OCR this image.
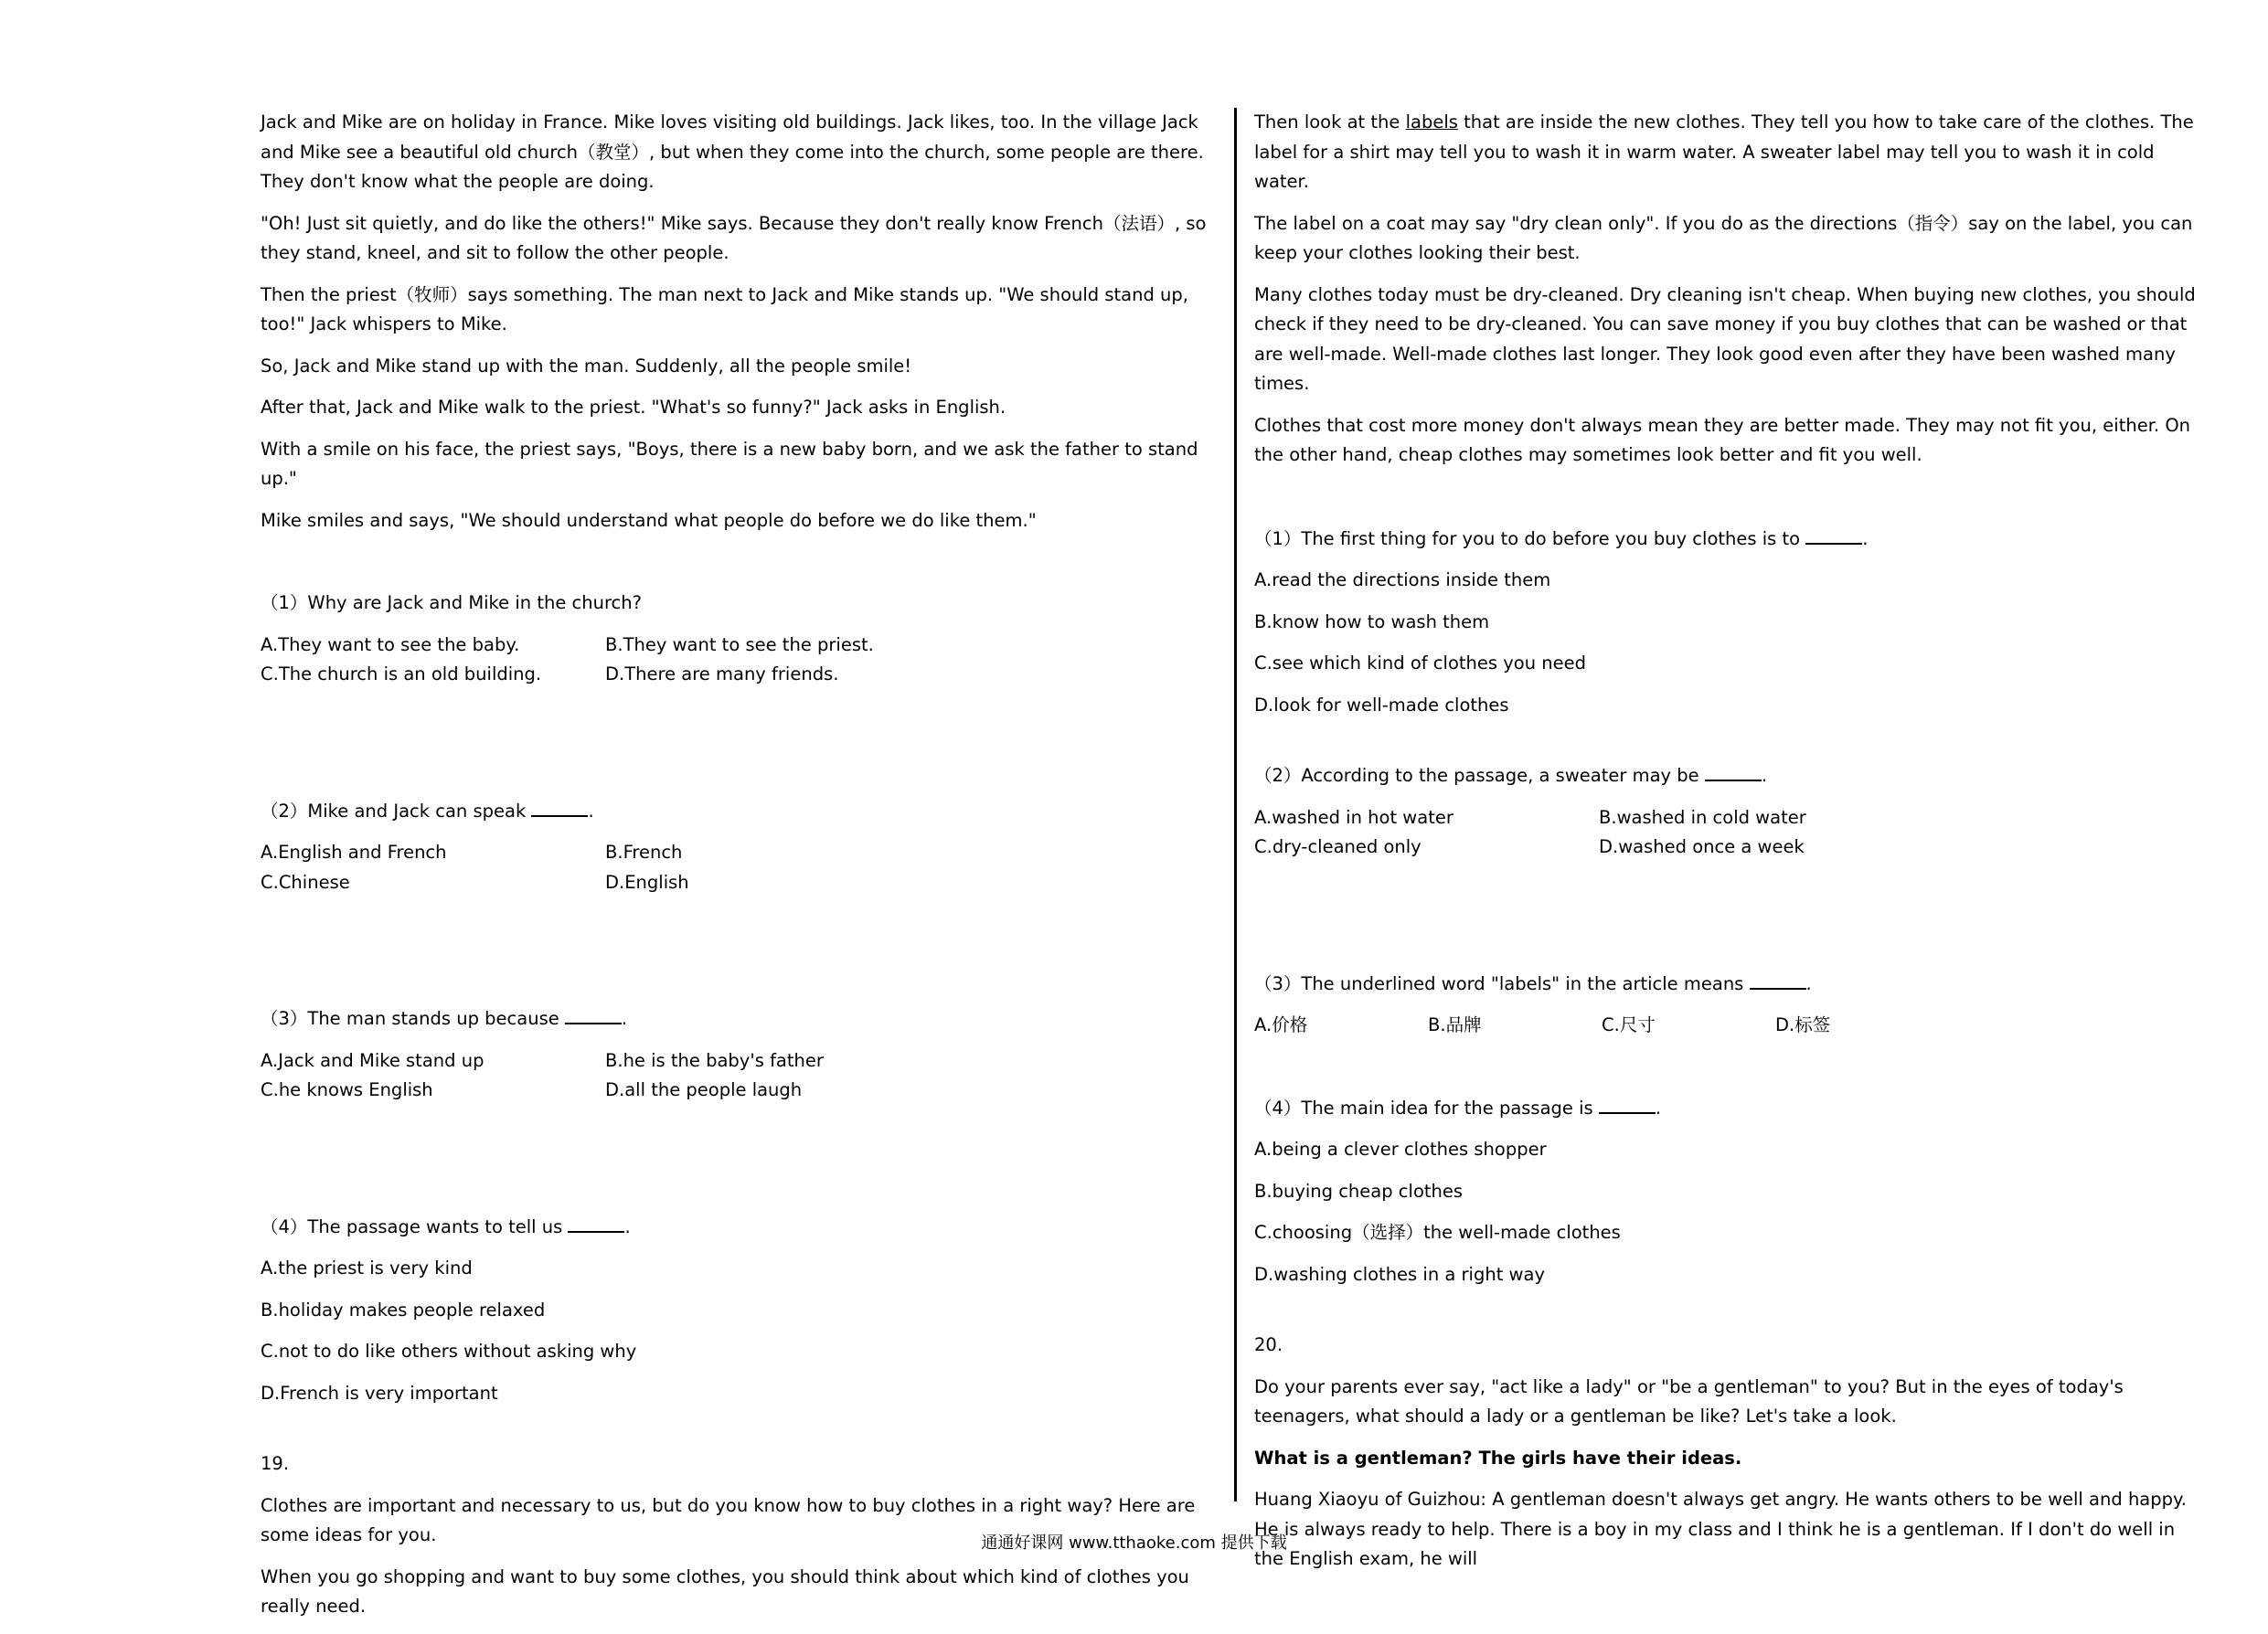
Jack and Mike are on holiday in France. Mike loves visiting old buildings. Jack likes, too. In the village Jack and Mike see a beautiful old church（教堂）, but when they come into the church, some people are there. They don't know what the people are doing.

"Oh! Just sit quietly, and do like the others!" Mike says. Because they don't really know French（法语）, so they stand, kneel, and sit to follow the other people.

Then the priest（牧师）says something. The man next to Jack and Mike stands up. "We should stand up, too!" Jack whispers to Mike.

So, Jack and Mike stand up with the man. Suddenly, all the people smile!

After that, Jack and Mike walk to the priest. "What's so funny?" Jack asks in English.

With a smile on his face, the priest says, "Boys, there is a new baby born, and we ask the father to stand up."

Mike smiles and says, "We should understand what people do before we do like them."

（1）Why are Jack and Mike in the church?

A.They want to see the baby.	B.They want to see the priest.
C.The church is an old building.	D.There are many friends.

（2）Mike and Jack can speak	.

A.English and French	B.French
C.Chinese	D.English

（3）The man stands up because	.

A.Jack and Mike stand up	B.he is the baby's father
C.he knows English	D.all the people laugh

（4）The passage wants to tell us	.

A.the priest is very kind

B.holiday makes people relaxed

C.not to do like others without asking why

D.French is very important

19.

Clothes are important and necessary to us, but do you know how to buy clothes in a right way? Here are some ideas for you.

When you go shopping and want to buy some clothes, you should think about which kind of clothes you really need.

Then look at the labels that are inside the new clothes. They tell you how to take care of the clothes. The label for a shirt may tell you to wash it in warm water. A sweater label may tell you to wash it in cold water.

The label on a coat may say "dry clean only". If you do as the directions（指令）say on the label, you can keep your clothes looking their best.

Many clothes today must be dry-cleaned. Dry cleaning isn't cheap. When buying new clothes, you should check if they need to be dry-cleaned. You can save money if you buy clothes that can be washed or that are well-made. Well-made clothes last longer. They look good even after they have been washed many times.

Clothes that cost more money don't always mean they are better made. They may not fit you, either. On the other hand, cheap clothes may sometimes look better and fit you well.

（1）The first thing for you to do before you buy clothes is to	.

A.read the directions inside them

B.know how to wash them

C.see which kind of clothes you need

D.look for well-made clothes

（2）According to the passage, a sweater may be	.

A.washed in hot water	B.washed in cold water
C.dry-cleaned only	D.washed once a week

（3）The underlined word "labels" in the article means	.

A.价格	B.品牌	C.尺寸	D.标签

（4）The main idea for the passage is	.

A.being a clever clothes shopper

B.buying cheap clothes

C.choosing（选择）the well-made clothes

D.washing clothes in a right way

20.

Do your parents ever say, "act like a lady" or "be a gentleman" to you? But in the eyes of today's teenagers, what should a lady or a gentleman be like? Let's take a look.

What is a gentleman? The girls have their ideas.

Huang Xiaoyu of Guizhou: A gentleman doesn't always get angry. He wants others to be well and happy. He is always ready to help. There is a boy in my class and I think he is a gentleman. If I don't do well in the English exam, he will

通通好课网 www.tthaoke.com 提供下载
